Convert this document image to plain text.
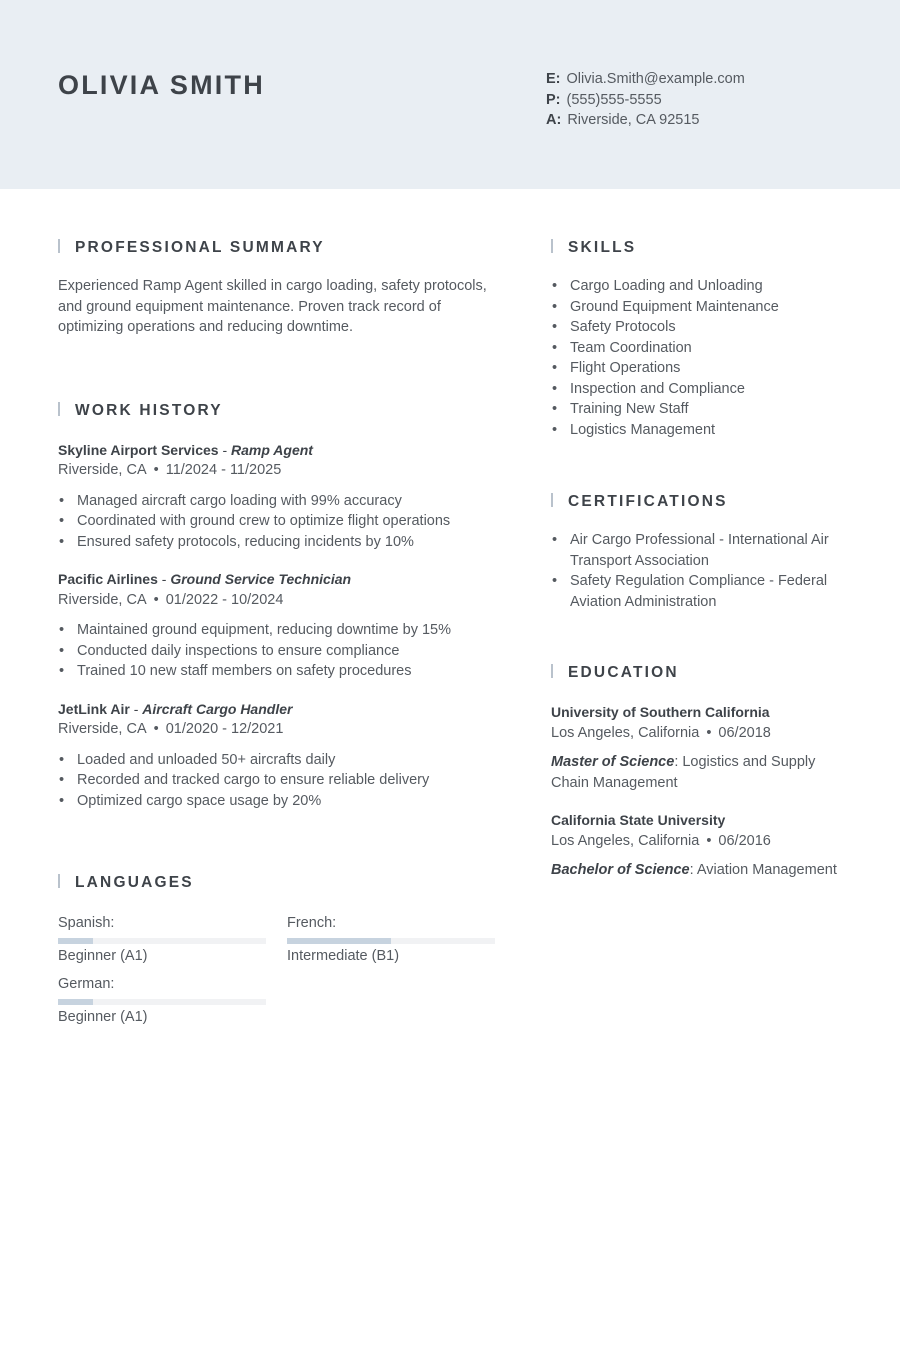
OLIVIA SMITH	E: Olivia.Smith@example.com
P: (555)555-5555
A: Riverside, CA 92515
PROFESSIONAL SUMMARY

Experienced Ramp Agent skilled in cargo loading, safety protocols, and ground equipment maintenance. Proven track record of optimizing operations and reducing downtime.

WORK HISTORY
Skyline Airport Services - Ramp Agent
Riverside, CA • 11/2024 - 11/2025
• Managed aircraft cargo loading with 99% accuracy
• Coordinated with ground crew to optimize flight operations
• Ensured safety protocols, reducing incidents by 10%
Pacific Airlines - Ground Service Technician
Riverside, CA • 01/2022 - 10/2024
• Maintained ground equipment, reducing downtime by 15%
• Conducted daily inspections to ensure compliance
• Trained 10 new staff members on safety procedures
JetLink Air - Aircraft Cargo Handler
Riverside, CA • 01/2020 - 12/2021
• Loaded and unloaded 50+ aircrafts daily
• Recorded and tracked cargo to ensure reliable delivery
• Optimized cargo space usage by 20%
LANGUAGES
Spanish:
Beginner (A1)
French:
Intermediate (B1)
German:
Beginner (A1)
SKILLS
• Cargo Loading and Unloading
• Ground Equipment Maintenance
• Safety Protocols
• Team Coordination
• Flight Operations
• Inspection and Compliance
• Training New Staff
• Logistics Management
CERTIFICATIONS
• Air Cargo Professional - International Air Transport Association
• Safety Regulation Compliance - Federal Aviation Administration
EDUCATION
University of Southern California
Los Angeles, California • 06/2018
Master of Science: Logistics and Supply Chain Management
California State University
Los Angeles, California • 06/2016
Bachelor of Science: Aviation Management
